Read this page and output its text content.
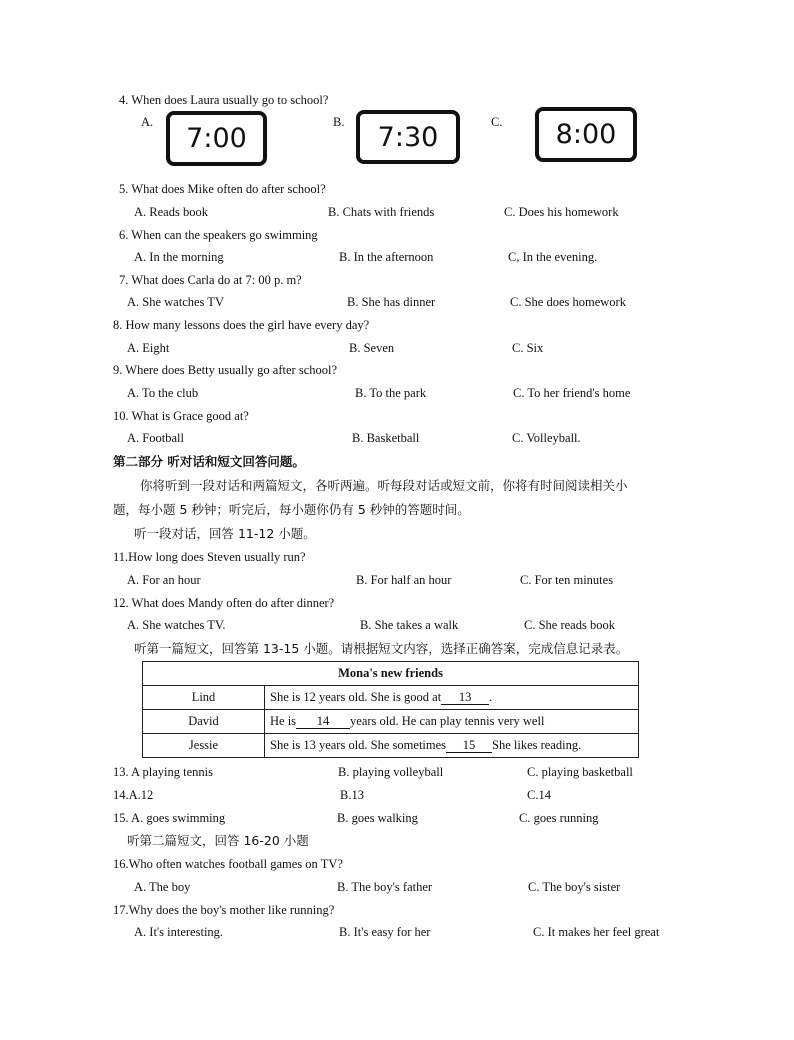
4. When does Laura usually go to school?
A.
7:00
B. 7:30	C. 8:00
5. What does Mike often do after school?
A. Reads book	B. Chats with friends	C. Does his homework
6. When can the speakers go swimming
A. In the morning	B. In the afternoon	C, In the evening.
7. What does Carla do at 7: 00 p. m?
A. She watches TV	B. She has dinner	C. She does homework
8. How many lessons does the girl have every day?
A. Eight	B. Seven	C. Six
9. Where does Betty usually go after school?
A. To the club	B. To the park	C. To her friend's home
10. What is Grace good at?
A. Football	B. Basketball	C. Volleyball.
第二部分 听对话和短文回答问题。
你将听到一段对话和两篇短文，各听两遍。听每段对话或短文前，你将有时间阅读相关小
题，每小题 5 秒钟；听完后，每小题你仍有 5 秒钟的答题时间。
听一段对话，回答 11-12 小题。
11.How long does Steven usually run?
A. For an hour	B. For half an hour	C. For ten minutes
12. What does Mandy often do after dinner?
A. She watches TV.	B. She takes a walk	C. She reads book
听第一篇短文，回答第 13-15 小题。请根据短文内容，选择正确答案，完成信息记录表。
Mona's new friends	
Lind	She is 12 years old. She is good at 13 .
David	He is 14 years old. He can play tennis very well
Jessie	She is 13 years old. She sometimes 15 She likes reading.
13. A playing tennis	B. playing volleyball	C. playing basketball
14.A.12	B.13	C.14
15. A. goes swimming	B. goes walking	C. goes running
听第二篇短文，回答 16-20 小题
16.Who often watches football games on TV?
A. The boy	B. The boy's father	C. The boy's sister
17.Why does the boy's mother like running?
A. It's interesting.	B. It's easy for her	C. It makes her feel great
